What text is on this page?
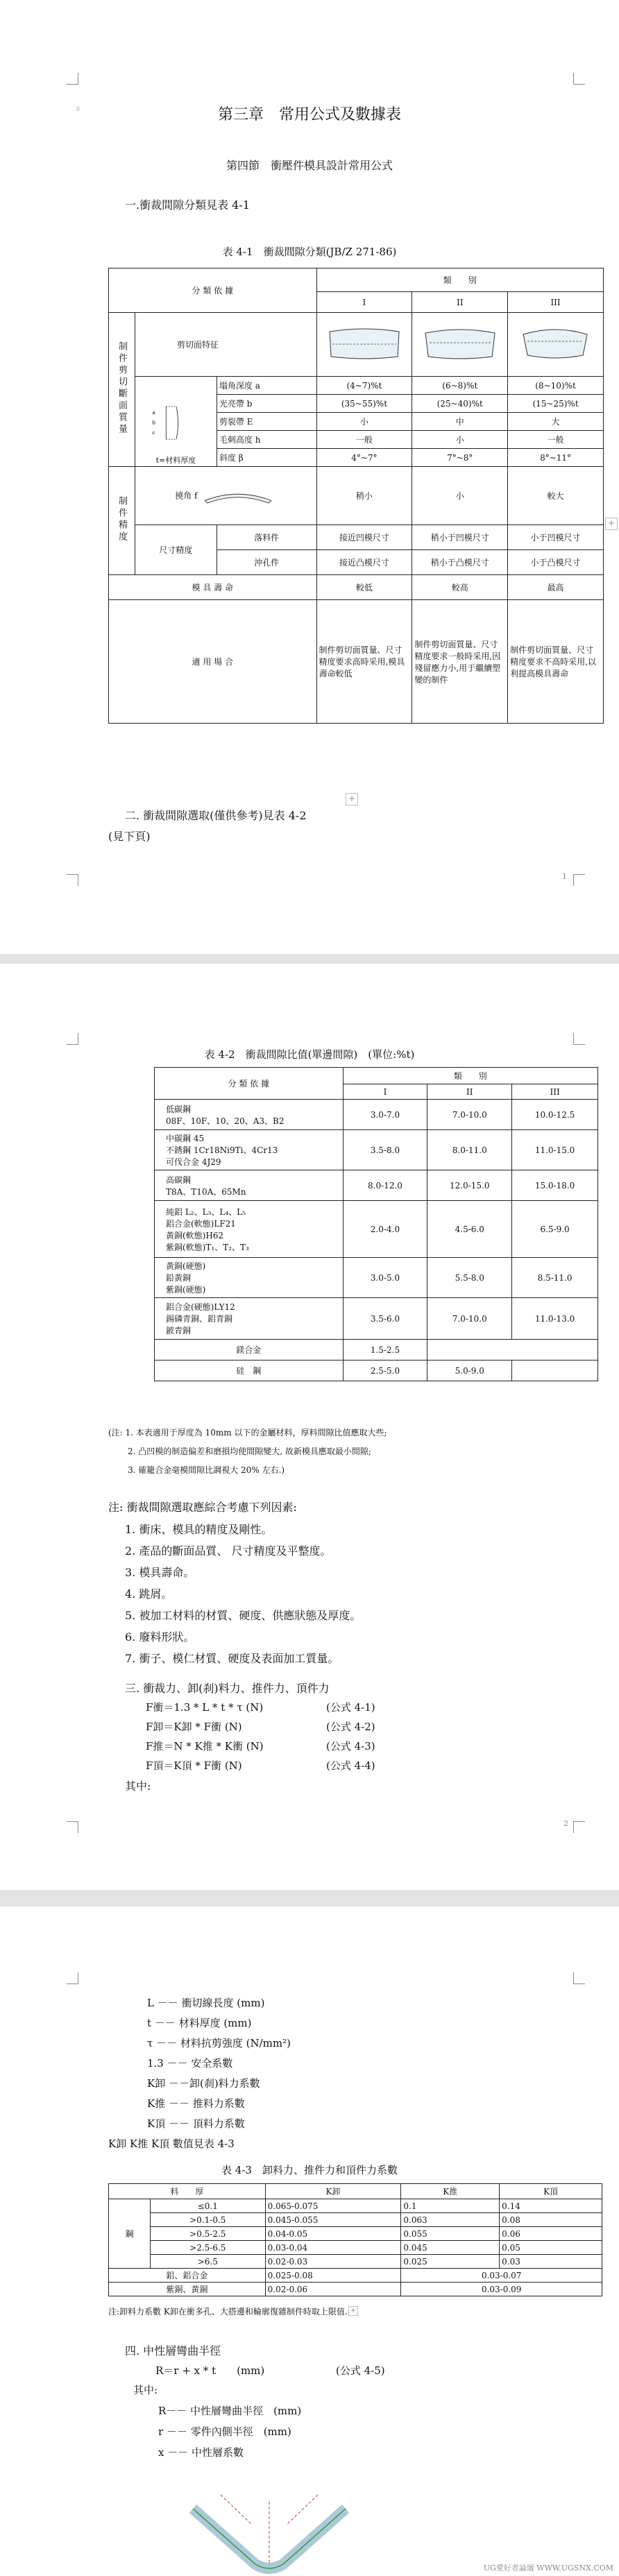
⁞⁞	第三章　常用公式及數據表
第四節　衝壓件模具設計常用公式
一.衝裁間隙分類見表 4-1
表 4-1　衝裁間隙分類(JB/Z 271-86)
分 類 依 據			類　　別		
			I	II	III
制件剪切斷面質量	剪切面特征			

a
b
c
t=材料厚度	塌角深度 a	(4~7)%t	(6~8)%t	(8~10)%t
		光亮帶 b	(35~55)%t	(25~40)%t	(15~25)%t
		剪裂帶 E	小	中	大
		毛刺高度 h	一般	小	一般
		斜度 β	4°~7°	7°~8°	8°~11°
制件精度	撓角 f		稍小	小	較大
	尺寸精度	落料件	接近凹模尺寸	稍小于凹模尺寸	小于凹模尺寸
		沖孔件	接近凸模尺寸	稍小于凸模尺寸	小于凸模尺寸
模 具 壽 命			較低	較高	最高
適 用 場 合			制件剪切面質量、尺寸精度要求高時采用,模具壽命較低	制件剪切面質量、尺寸精度要求一般時采用,因殘留應力小,用于繼續塑變的制件	制件剪切面質量、尺寸精度要求不高時采用,以利提高模具壽命
+
+
二. 衝裁間隙選取(僅供參考)見表 4-2
(見下頁)
1
表 4-2　衝裁間隙比值(單邊間隙)　(單位:%t)
分 類 依 據	類　　別		
	I	II	III
低碳鋼
08F、10F、10、20、A3、B2	3.0-7.0	7.0-10.0	10.0-12.5
中碳鋼 45
不銹鋼 1Cr18Ni9Ti、4Cr13
可伐合金 4J29	3.5-8.0	8.0-11.0	11.0-15.0
高碳鋼
T8A、T10A、65Mn	8.0-12.0	12.0-15.0	15.0-18.0
純鋁 L₂、L₃、L₄、L₅
鋁合金(軟態)LF21
黃銅(軟態)H62
紫銅(軟態)T₁、T₂、T₃	2.0-4.0	4.5-6.0	6.5-9.0
黃銅(硬態)
鉛黃銅
紫銅(硬態)	3.0-5.0	5.5-8.0	8.5-11.0
鋁合金(硬態)LY12
錫磷青銅、鋁青銅
鈹青銅	3.5-6.0	7.0-10.0	11.0-13.0
鎂合金	1.5-2.5		
硅　鋼	2.5-5.0	5.0-9.0	
(注: 1. 本表適用于厚度為 10mm 以下的金屬材料，厚料間隙比值應取大些;
2. 凸凹模的制造偏差和磨損均使間隙變大, 故新模具應取最小間隙;
3. 確籠合金毫模間隙比調視大 20% 左右.)
注: 衝裁間隙選取應綜合考慮下列因素:
1. 衝床、模具的精度及剛性。
2. 產品的斷面品質、 尺寸精度及平整度。
3. 模具壽命。
4. 跳屑。
5. 被加工材料的材質、硬度、供應狀態及厚度。
6. 廢料形狀。
7. 衝子、模仁材質、硬度及表面加工質量。
三. 衝裁力、卸(刹)料力、推件力、頂件力
F衝＝1.3 * L * t * τ (N)	(公式 4-1)
F卸＝K卸 * F衝 (N)	(公式 4-2)
F推＝N * K推 * K衝 (N)	(公式 4-3)
F頂＝K頂 * F衝 (N)	(公式 4-4)
其中:
2
L －－ 衝切線長度 (mm)
t －－ 材料厚度 (mm)
τ －－ 材料抗剪強度 (N/mm²)
1.3 －－ 安全系數
K卸 －－卸(刹)料力系數
K推 －－ 推料力系數
K頂 －－ 頂料力系數
K卸 K推 K頂 數值見表 4-3
表 4-3　卸料力、推件力和頂件力系數
料　　厚		K卸	K推	K頂
鋼	≤0.1	0.065-0.075	0.1	0.14
	>0.1-0.5	0.045-0.055	0.063	0.08
	>0.5-2.5	0.04-0.05	0.055	0.06
	>2.5-6.5	0.03-0.04	0.045	0.05
	>6.5	0.02-0.03	0.025	0.03
鋁、鋁合金		0.025-0.08	0.03-0.07	
紫銅、黃銅		0.02-0.06	0.03-0.09	
注:卸料力系數 K卸在衝多孔、大搭邊和輪廓復雜制件時取上限值. +
四. 中性層彎曲半徑
R＝r + x * t　　(mm)	(公式 4-5)
其中:
R－－ 中性層彎曲半徑　(mm)
r －－ 零件內側半徑　(mm)
x －－ 中性層系數
UG愛好者論壇 WWW.UGSNX.COM
